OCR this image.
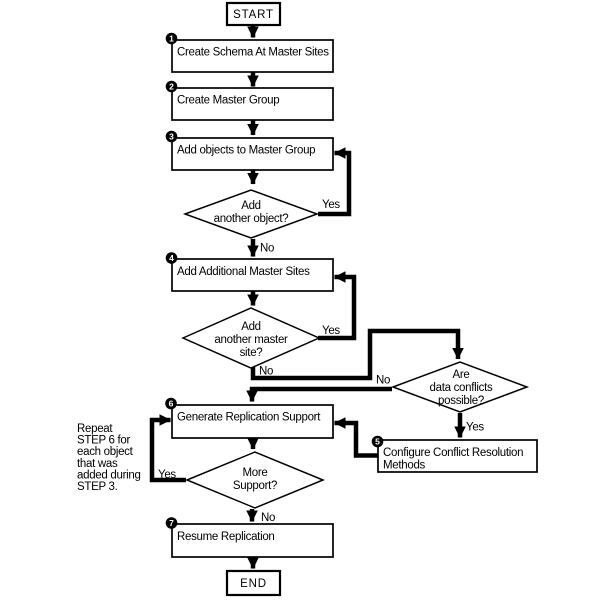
START
Create Schema At Master Sites
Create Master Group
Add objects to Master Group
Add Additional Master Sites
Generate Replication Support
Configure Conflict Resolution
Methods
Resume Replication
Add
another object?
Add
another master
site?
Are
data conflicts
possible?
More
Support?
Yes
No
Yes
No
No
Yes
Yes
No
1
2
3
4
5
6
7
Repeat
STEP 6 for
each object
that was
added during
STEP 3.
END
